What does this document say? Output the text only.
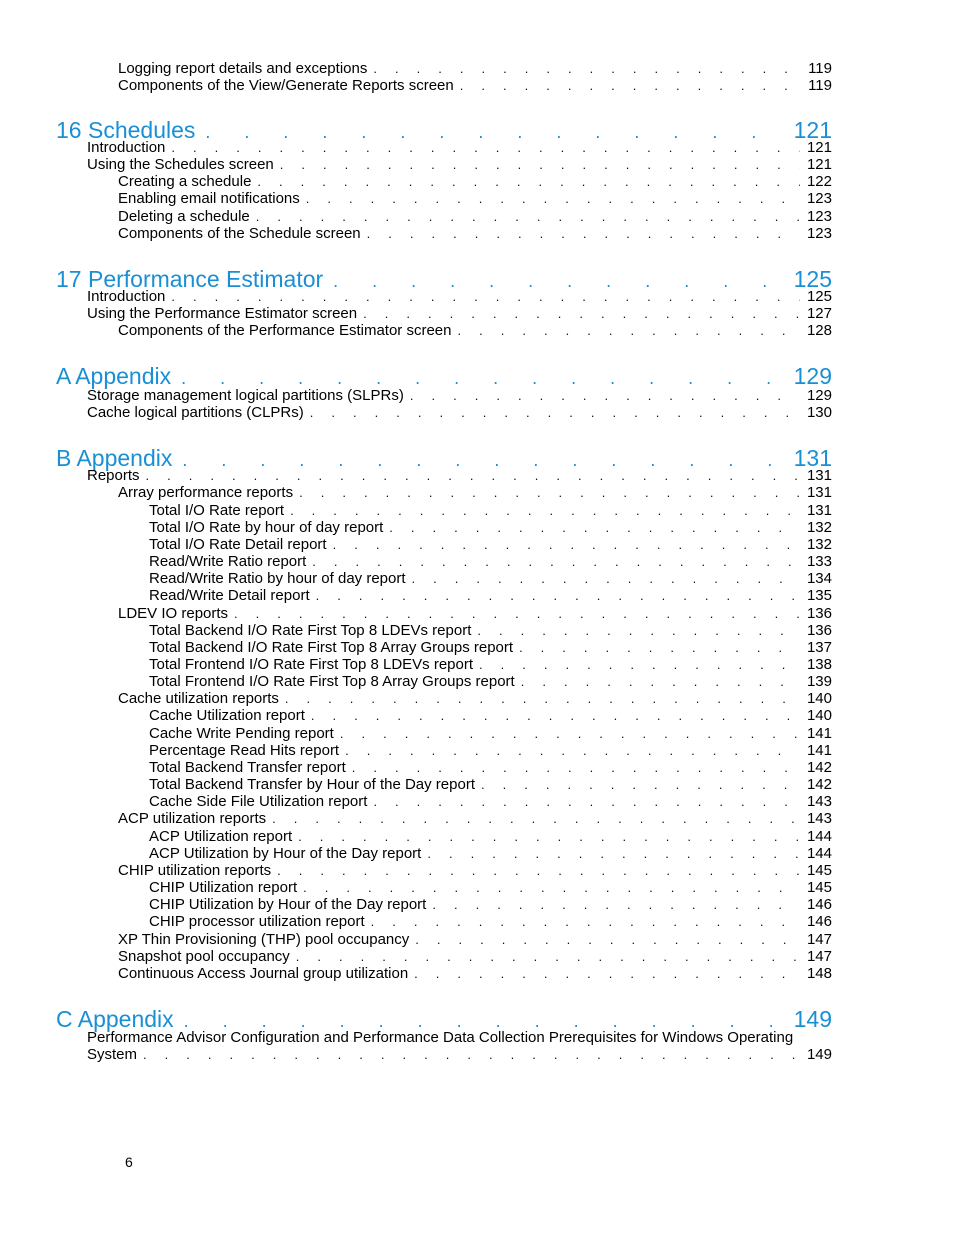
Logging report details and exceptions . . .	119
Components of the View/Generate Reports screen . . .	119
16 Schedules . . .	121
Introduction . . .	121
Using the Schedules screen . . .	121
Creating a schedule . . .	122
Enabling email notifications . . .	123
Deleting a schedule . . .	123
Components of the Schedule screen . . .	123
17 Performance Estimator . . .	125
Introduction . . .	125
Using the Performance Estimator screen . . .	127
Components of the Performance Estimator screen . . .	128
A Appendix . . .	129
Storage management logical partitions (SLPRs) . . .	129
Cache logical partitions (CLPRs) . . .	130
B Appendix . . .	131
Reports . . .	131
Array performance reports . . .	131
Total I/O Rate report . . .	131
Total I/O Rate by hour of day report . . .	132
Total I/O Rate Detail report . . .	132
Read/Write Ratio report . . .	133
Read/Write Ratio by hour of day report . . .	134
Read/Write Detail report . . .	135
LDEV IO reports . . .	136
Total Backend I/O Rate First Top 8 LDEVs report . . .	136
Total Backend I/O Rate First Top 8 Array Groups report . . .	137
Total Frontend I/O Rate First Top 8 LDEVs report . . .	138
Total Frontend I/O Rate First Top 8 Array Groups report . . .	139
Cache utilization reports . . .	140
Cache Utilization report . . .	140
Cache Write Pending report . . .	141
Percentage Read Hits report . . .	141
Total Backend Transfer report . . .	142
Total Backend Transfer by Hour of the Day report . . .	142
Cache Side File Utilization report . . .	143
ACP utilization reports . . .	143
ACP Utilization report . . .	144
ACP Utilization by Hour of the Day report . . .	144
CHIP utilization reports . . .	145
CHIP Utilization report . . .	145
CHIP Utilization by Hour of the Day report . . .	146
CHIP processor utilization report . . .	146
XP Thin Provisioning (THP) pool occupancy . . .	147
Snapshot pool occupancy . . .	147
Continuous Access Journal group utilization . . .	148
C Appendix . . .	149
Performance Advisor Configuration and Performance Data Collection Prerequisites for Windows Operating
System . . .	149
6
